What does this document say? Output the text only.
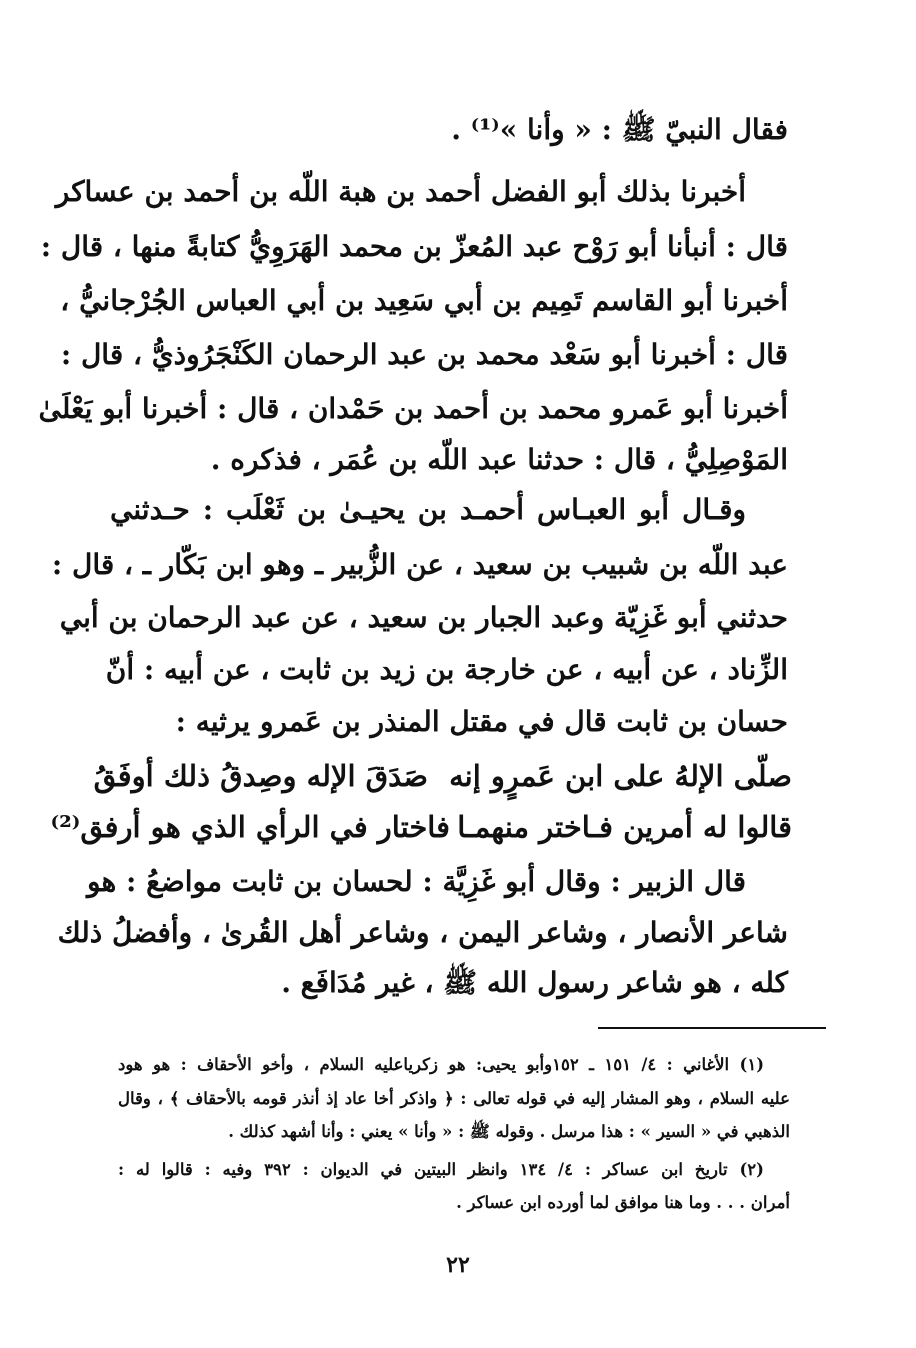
فقال النبيّ ﷺ : « وأنا »⁽¹⁾ .
أخبرنا بذلك أبو الفضل أحمد بن هبة اللّه بن أحمد بن عساكر
قال : أنبأنا أبو رَوْح عبد المُعزّ بن محمد الهَرَوِيُّ كتابةً منها ، قال :
أخبرنا أبو القاسم تَمِيم بن أبي سَعِيد بن أبي العباس الجُرْجانيُّ ،
قال : أخبرنا أبو سَعْد محمد بن عبد الرحمان الكَنْجَرُوذيُّ ، قال :
أخبرنا أبو عَمرو محمد بن أحمد بن حَمْدان ، قال : أخبرنا أبو يَعْلَىٰ
المَوْصِلِيُّ ، قال : حدثنا عبد اللّه بن عُمَر ، فذكره .
وقـال أبو العبـاس أحمـد بن يحيـىٰ بن ثَعْلَب : حـدثني
عبد اللّه بن شبيب بن سعيد ، عن الزُّبير ـ وهو ابن بَكّار ـ ، قال :
حدثني أبو غَزِيّة وعبد الجبار بن سعيد ، عن عبد الرحمان بن أبي
الزِّناد ، عن أبيه ، عن خارجة بن زيد بن ثابت ، عن أبيه : أنّ
حسان بن ثابت قال في مقتل المنذر بن عَمرو يرثيه :
صلّى الإلهُ على ابن عَمرٍو إنه
صَدَقَ الإله وصِدقُ ذلك أوفَقُ
قالوا له أمرين فـاختر منهمـا
فاختار في الرأي الذي هو أرفق⁽²⁾
قال الزبير : وقال أبو غَزِيَّة : لحسان بن ثابت مواضعُ : هو
شاعر الأنصار ، وشاعر اليمن ، وشاعر أهل القُرىٰ ، وأفضلُ ذلك
كله ، هو شاعر رسول الله ﷺ ، غير مُدَافَع .
(١) الأغاني : ٤/ ١٥١ ـ ١٥٢وأبو يحيى: هو زكرياعليه السلام ، وأخو الأحقاف : هو هود
عليه السلام ، وهو المشار إليه في قوله تعالى : ﴿ واذكر أخا عاد إذ أنذر قومه بالأحقاف ﴾ ، وقال
الذهبي في « السير » : هذا مرسل . وقوله ﷺ : « وأنا » يعني : وأنا أشهد كذلك .
(٢) تاريخ ابن عساكر : ٤/ ١٣٤ وانظر البيتين في الديوان : ٣٩٢ وفيه : قالوا له :
أمران . . . وما هنا موافق لما أورده ابن عساكر .
٢٢
